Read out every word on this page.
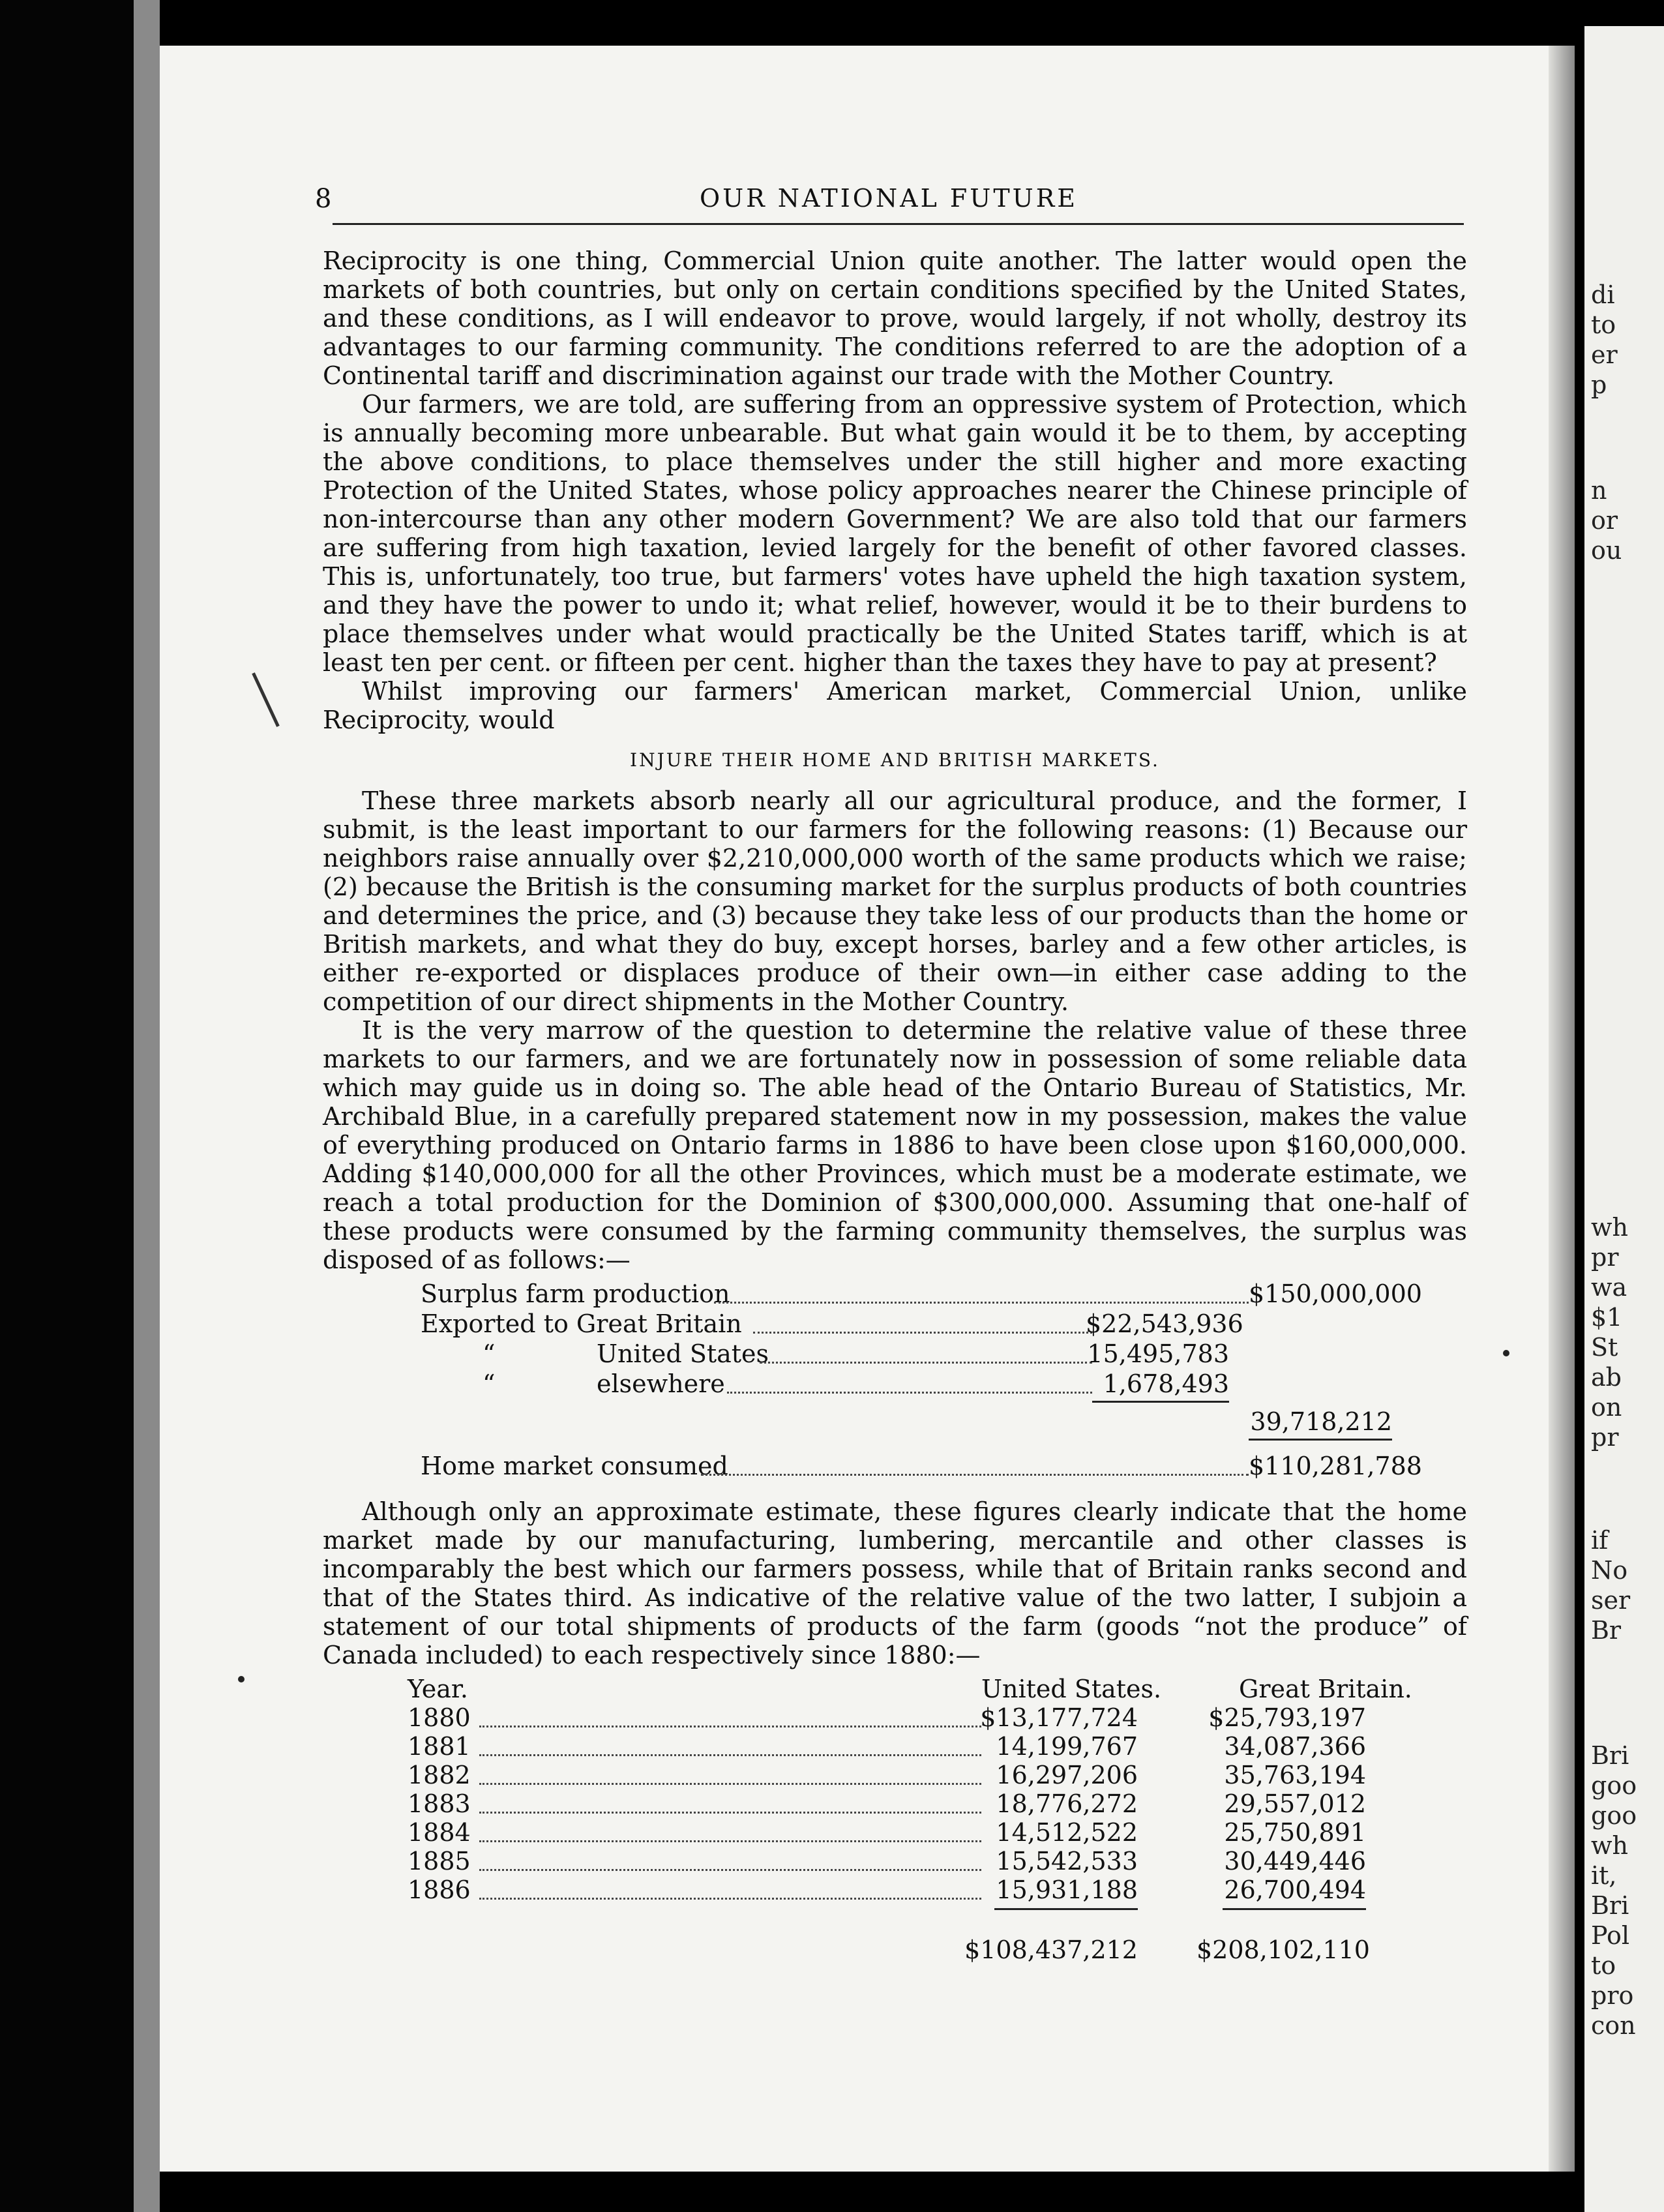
di
to
er
p
n
or
ou
wh
pr
wa
$1
St
ab
on
pr
if
No
ser
Br
Bri
goo
goo
wh
it,
Bri
Pol
to
pro
con
8	OUR NATIONAL FUTURE

Reciprocity is one thing, Commercial Union quite another. The latter would open the markets of both countries, but only on certain conditions specified by the United States, and these conditions, as I will endeavor to prove, would largely, if not wholly, destroy its advantages to our farming community. The conditions referred to are the adoption of a Continental tariff and discrimination against our trade with the Mother Country.

Our farmers, we are told, are suffering from an oppressive system of Protection, which is annually becoming more unbearable. But what gain would it be to them, by accepting the above conditions, to place themselves under the still higher and more exacting Protection of the United States, whose policy approaches nearer the Chinese principle of non-intercourse than any other modern Government? We are also told that our farmers are suffering from high taxation, levied largely for the benefit of other favored classes. This is, unfortunately, too true, but farmers' votes have upheld the high taxation system, and they have the power to undo it; what relief, however, would it be to their burdens to place themselves under what would practically be the United States tariff, which is at least ten per cent. or fifteen per cent. higher than the taxes they have to pay at present?

Whilst improving our farmers' American market, Commercial Union, unlike Reciprocity, would

INJURE THEIR HOME AND BRITISH MARKETS.

These three markets absorb nearly all our agricultural produce, and the former, I submit, is the least important to our farmers for the following reasons: (1) Because our neighbors raise annually over $2,210,000,000 worth of the same products which we raise; (2) because the British is the consuming market for the surplus products of both countries and determines the price, and (3) because they take less of our products than the home or British markets, and what they do buy, except horses, barley and a few other articles, is either re-exported or displaces produce of their own—in either case adding to the competition of our direct shipments in the Mother Country.

It is the very marrow of the question to determine the relative value of these three markets to our farmers, and we are fortunately now in possession of some reliable data which may guide us in doing so. The able head of the Ontario Bureau of Statistics, Mr. Archibald Blue, in a carefully prepared statement now in my possession, makes the value of everything produced on Ontario farms in 1886 to have been close upon $160,000,000. Adding $140,000,000 for all the other Provinces, which must be a moderate estimate, we reach a total production for the Dominion of $300,000,000. Assuming that one-half of these products were consumed by the farming community themselves, the surplus was disposed of as follows:—

Surplus farm production	$150,000,000
Exported to Great Britain	$22,543,936
“	United States	15,495,783
“	elsewhere	1,678,493
39,718,212
Home market consumed	$110,281,788

Although only an approximate estimate, these figures clearly indicate that the home market made by our manufacturing, lumbering, mercantile and other classes is incomparably the best which our farmers possess, while that of Britain ranks second and that of the States third. As indicative of the relative value of the two latter, I subjoin a statement of our total shipments of products of the farm (goods “not the produce” of Canada included) to each respectively since 1880:—

Year.	United States.	Great Britain.
1880	$13,177,724	$25,793,197
1881	14,199,767	34,087,366
1882	16,297,206	35,763,194
1883	18,776,272	29,557,012
1884	14,512,522	25,750,891
1885	15,542,533	30,449,446
1886	15,931,188	26,700,494
$108,437,212 $208,102,110
